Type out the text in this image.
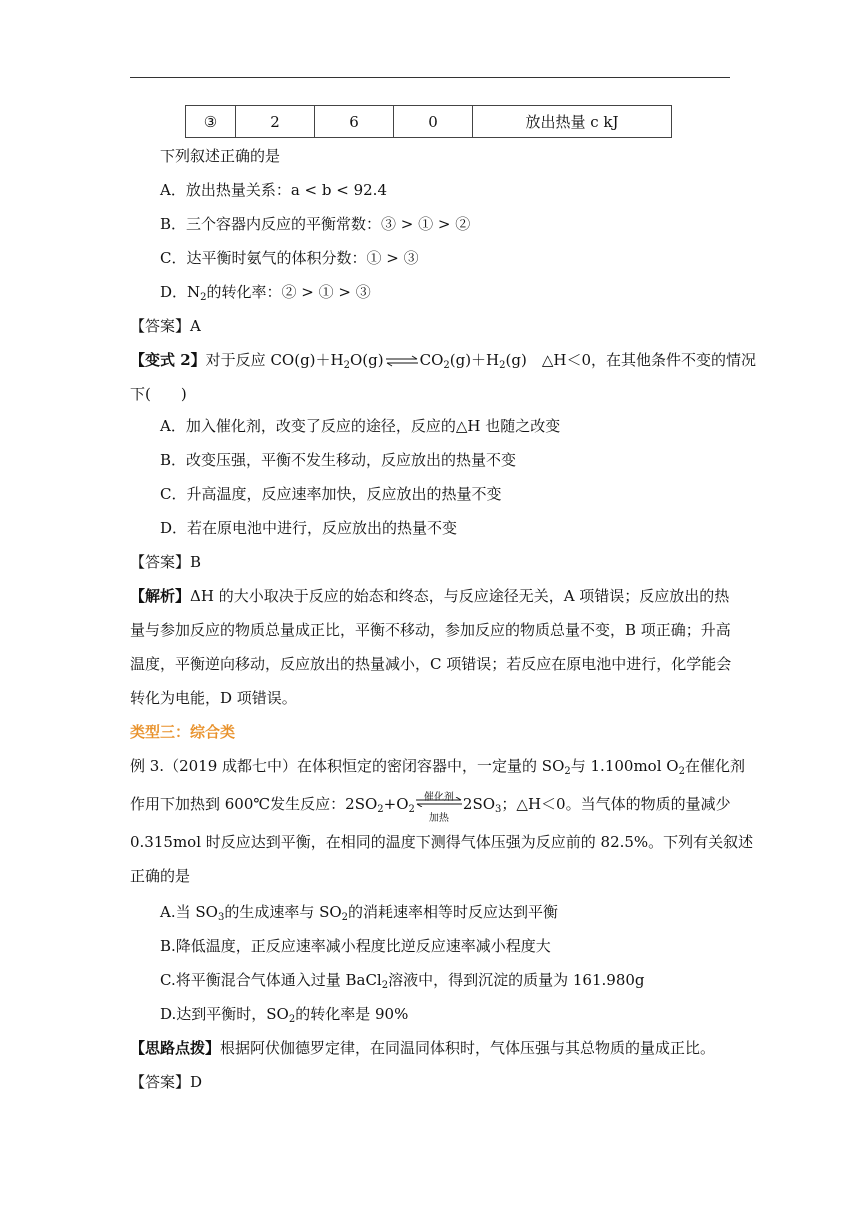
③	2	6	0	放出热量 c kJ
下列叙述正确的是
A．放出热量关系：a < b < 92.4
B．三个容器内反应的平衡常数：③ > ① > ②
C．达平衡时氨气的体积分数：① > ③
D．$N_2$的转化率：② > ① > ③
【答案】A
【变式 2】对于反应 $CO(g)+H_2O(g)\rightleftharpoons CO_2(g)+H_2(g)$　△H＜0，在其他条件不变的情况
下(　　)
A．加入催化剂，改变了反应的途径，反应的△H 也随之改变
B．改变压强，平衡不发生移动，反应放出的热量不变
C．升高温度，反应速率加快，反应放出的热量不变
D．若在原电池中进行，反应放出的热量不变
【答案】B
【解析】ΔH 的大小取决于反应的始态和终态，与反应途径无关，A 项错误；反应放出的热
量与参加反应的物质总量成正比，平衡不移动，参加反应的物质总量不变，B 项正确；升高
温度，平衡逆向移动，反应放出的热量减小，C 项错误；若反应在原电池中进行，化学能会
转化为电能，D 项错误。
类型三：综合类
例 3.（2019 成都七中）在体积恒定的密闭容器中，一定量的 $SO_2$与 1.100mol $O_2$在催化剂
作用下加热到 600℃发生反应：$2SO_2+O_2$
催化剂
加热
$2SO_3$；△H＜0。当气体的物质的量减少
0.315mol 时反应达到平衡，在相同的温度下测得气体压强为反应前的 82.5%。下列有关叙述
正确的是
A.当 $SO_3$的生成速率与 $SO_2$的消耗速率相等时反应达到平衡
B.降低温度，正反应速率减小程度比逆反应速率减小程度大
C.将平衡混合气体通入过量 BaCl$_2$溶液中，得到沉淀的质量为 161.980g
D.达到平衡时，$SO_2$的转化率是 90%
【思路点拨】根据阿伏伽德罗定律，在同温同体积时，气体压强与其总物质的量成正比。
【答案】D
